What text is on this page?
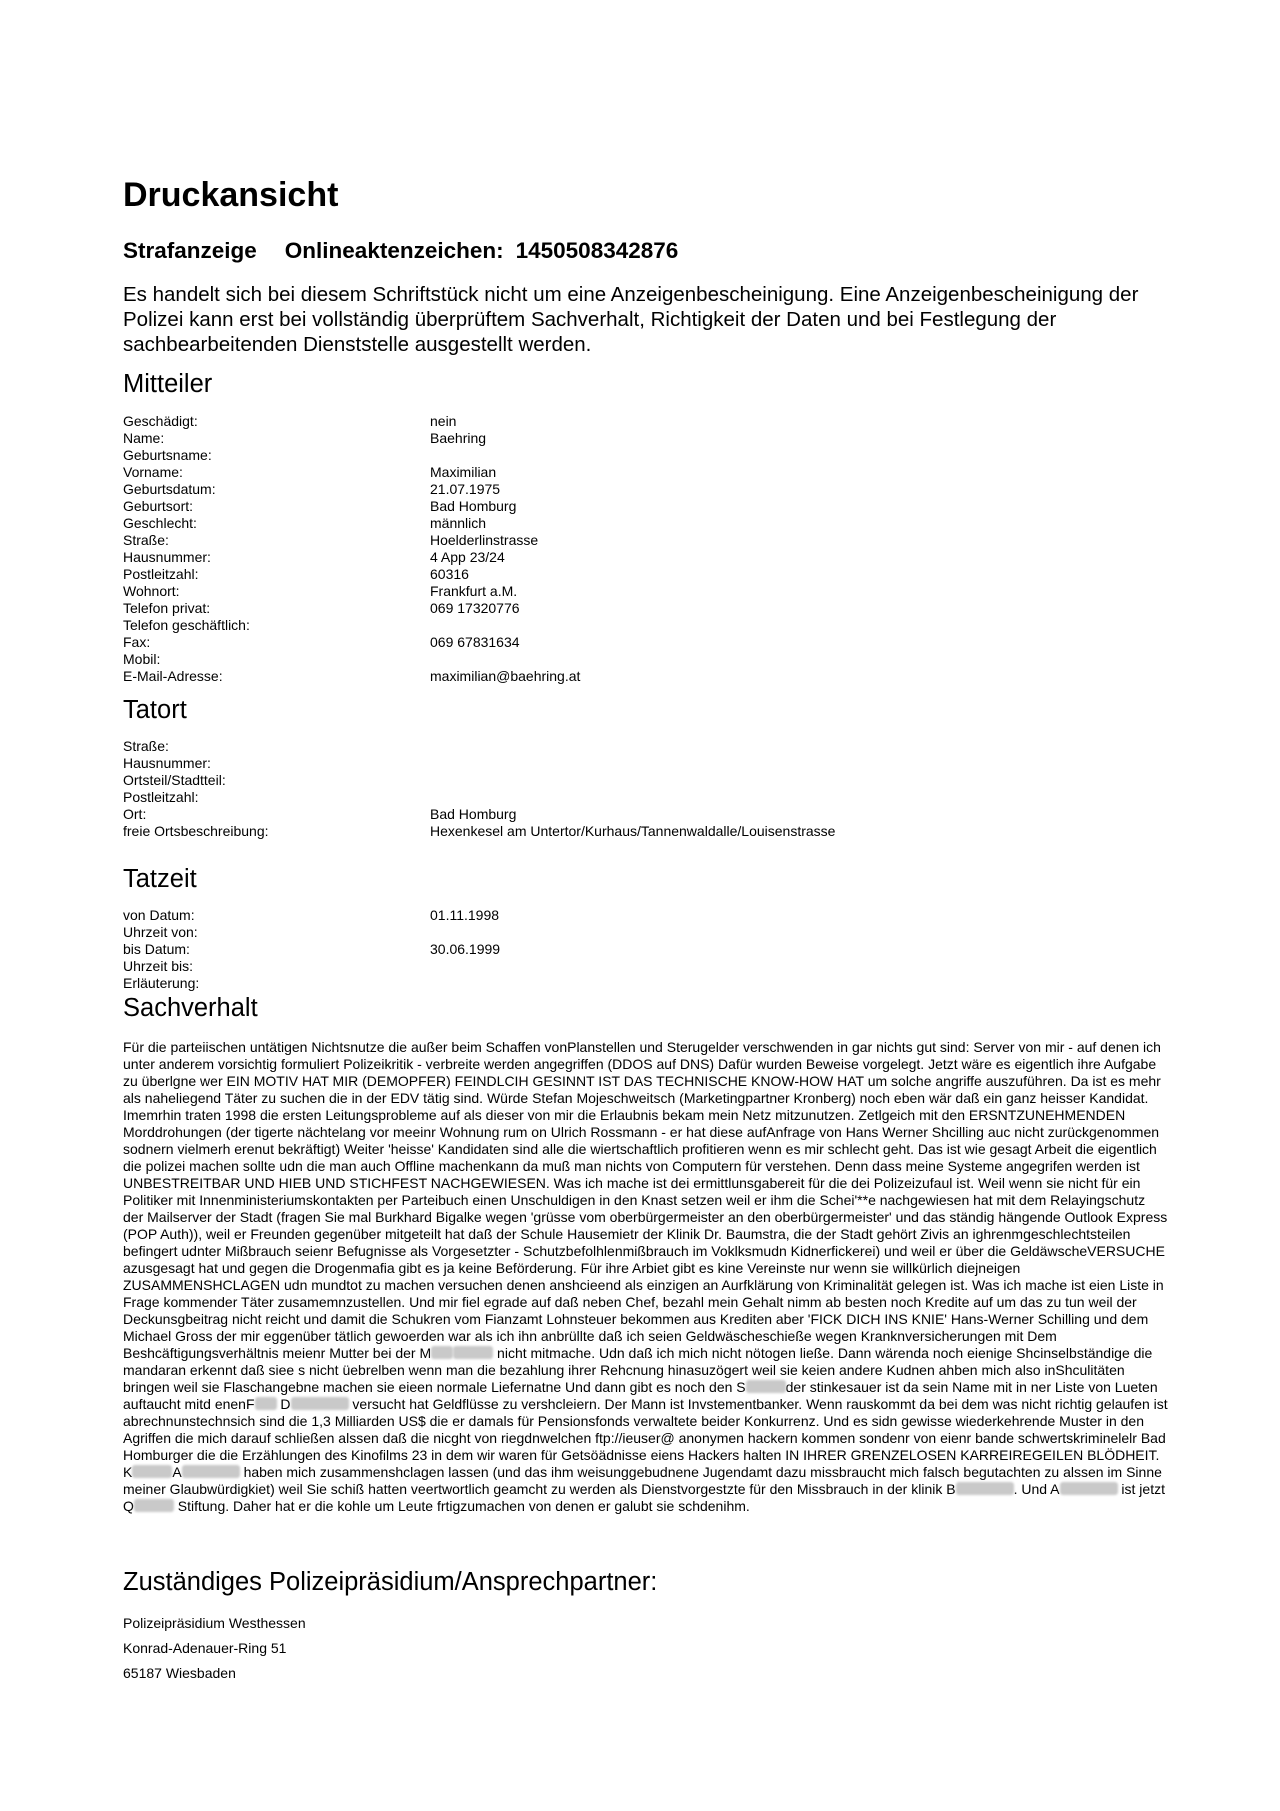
Druckansicht

Strafanzeige Onlineaktenzeichen: 1450508342876

Es handelt sich bei diesem Schriftstück nicht um eine Anzeigenbescheinigung. Eine Anzeigenbescheinigung der Polizei kann erst bei vollständig überprüftem Sachverhalt, Richtigkeit der Daten und bei Festlegung der sachbearbeitenden Dienststelle ausgestellt werden.

Mitteiler
Geschädigt:	nein
Name:	Baehring
Geburtsname:
Vorname:	Maximilian
Geburtsdatum:	21.07.1975
Geburtsort:	Bad Homburg
Geschlecht:	männlich
Straße:	Hoelderlinstrasse
Hausnummer:	4 App 23/24
Postleitzahl:	60316
Wohnort:	Frankfurt a.M.
Telefon privat:	069 17320776
Telefon geschäftlich:
Fax:	069 67831634
Mobil:
E-Mail-Adresse:	maximilian@baehring.at
Tatort
Straße:
Hausnummer:
Ortsteil/Stadtteil:
Postleitzahl:
Ort:	Bad Homburg
freie Ortsbeschreibung:	Hexenkesel am Untertor/Kurhaus/Tannenwaldalle/Louisenstrasse
Tatzeit
von Datum:	01.11.1998
Uhrzeit von:
bis Datum:	30.06.1999
Uhrzeit bis:
Erläuterung:
Sachverhalt

Für die parteiischen untätigen Nichtsnutze die außer beim Schaffen vonPlanstellen und Sterugelder verschwenden in gar nichts gut sind: Server von mir - auf denen ich unter anderem vorsichtig formuliert Polizeikritik - verbreite werden angegriffen (DDOS auf DNS) Dafür wurden Beweise vorgelegt. Jetzt wäre es eigentlich ihre Aufgabe zu überlgne wer EIN MOTIV HAT MIR (DEMOPFER) FEINDLCIH GESINNT IST DAS TECHNISCHE KNOW-HOW HAT um solche angriffe auszuführen. Da ist es mehr als naheliegend Täter zu suchen die in der EDV tätig sind. Würde Stefan Mojeschweitsch (Marketingpartner Kronberg) noch eben wär daß ein ganz heisser Kandidat. Imemrhin traten 1998 die ersten Leitungsprobleme auf als dieser von mir die Erlaubnis bekam mein Netz mitzunutzen. Zetlgeich mit den ERSNTZUNEHMENDEN Morddrohungen (der tigerte nächtelang vor meeinr Wohnung rum on Ulrich Rossmann - er hat diese aufAnfrage von Hans Werner Shcilling auc nicht zurückgenommen sodnern vielmerh erenut bekräftigt) Weiter 'heisse' Kandidaten sind alle die wiertschaftlich profitieren wenn es mir schlecht geht. Das ist wie gesagt Arbeit die eigentlich die polizei machen sollte udn die man auch Offline machenkann da muß man nichts von Computern für verstehen. Denn dass meine Systeme angegrifen werden ist UNBESTREITBAR UND HIEB UND STICHFEST NACHGEWIESEN. Was ich mache ist dei ermittlunsgabereit für die dei Polizeizufaul ist. Weil wenn sie nicht für ein Politiker mit Innenministeriumskontakten per Parteibuch einen Unschuldigen in den Knast setzen weil er ihm die Schei'**e nachgewiesen hat mit dem Relayingschutz der Mailserver der Stadt (fragen Sie mal Burkhard Bigalke wegen 'grüsse vom oberbürgermeister an den oberbürgermeister' und das ständig hängende Outlook Express (POP Auth)), weil er Freunden gegenüber mitgeteilt hat daß der Schule Hausemietr der Klinik Dr. Baumstra, die der Stadt gehört Zivis an ighrenmgeschlechtsteilen befingert udnter Mißbrauch seienr Befugnisse als Vorgesetzter - Schutzbefolhlenmißbrauch im Voklksmudn Kidnerfickerei) und weil er über die GeldäwscheVERSUCHE azusgesagt hat und gegen die Drogenmafia gibt es ja keine Beförderung. Für ihre Arbiet gibt es kine Vereinste nur wenn sie willkürlich diejneigen ZUSAMMENSHCLAGEN udn mundtot zu machen versuchen denen anshcieend als einzigen an Aurfklärung von Kriminalität gelegen ist. Was ich mache ist eien Liste in Frage kommender Täter zusamemnzustellen. Und mir fiel egrade auf daß neben Chef, bezahl mein Gehalt nimm ab besten noch Kredite auf um das zu tun weil der Deckunsgbeitrag nicht reicht und damit die Schukren vom Fianzamt Lohnsteuer bekommen aus Krediten aber 'FICK DICH INS KNIE' Hans-Werner Schilling und dem Michael Gross der mir eggenüber tätlich gewoerden war als ich ihn anbrüllte daß ich seien Geldwäscheschieße wegen Kranknversicherungen mit Dem Beshcäftigungsverhältnis meienr Mutter bei der M	nicht mitmache. Udn daß ich mich nicht nötogen ließe. Dann wärenda noch eienige Shcinselbständige die mandaran erkennt daß siee s nicht üebrelben wenn man die bezahlung ihrer Rehcnung hinasuzögert weil sie keien andere Kudnen ahben mich also inShculitäten bringen weil sie Flaschangebne machen sie eieen normale Liefernatne Und dann gibt es noch den S	der stinkesauer ist da sein Name mit in ner Liste von Lueten auftaucht mitd enenF D	versucht hat Geldflüsse zu vershcleiern. Der Mann ist Invstementbanker. Wenn rauskommt da bei dem was nicht richtig gelaufen ist abrechnunstechnsich sind die 1,3 Milliarden US$ die er damals für Pensionsfonds verwaltete beider Konkurrenz. Und es sidn gewisse wiederkehrende Muster in den Agriffen die mich darauf schließen alssen daß die nicght von riegdnwelchen ftp://ieuser@ anonymen hackern kommen sondenr von eienr bande schwertskriminelelr Bad Homburger die die Erzählungen des Kinofilms 23 in dem wir waren für Getsöädnisse eiens Hackers halten IN IHRER GRENZELOSEN KARREIREGEILEN BLÖDHEIT. K	A	haben mich zusammenshclagen lassen (und das ihm weisunggebudnene Jugendamt dazu missbraucht mich falsch begutachten zu alssen im Sinne meiner Glaubwürdigkiet) weil Sie schiß hatten veertwortlich geamcht zu werden als Dienstvorgestzte für den Missbrauch in der klinik B	. Und A	ist jetzt Q	Stiftung. Daher hat er die kohle um Leute frtigzumachen von denen er galubt sie schdenihm.

Zuständiges Polizeipräsidium/Ansprechpartner:
Polizeipräsidium Westhessen
Konrad-Adenauer-Ring 51
65187 Wiesbaden
